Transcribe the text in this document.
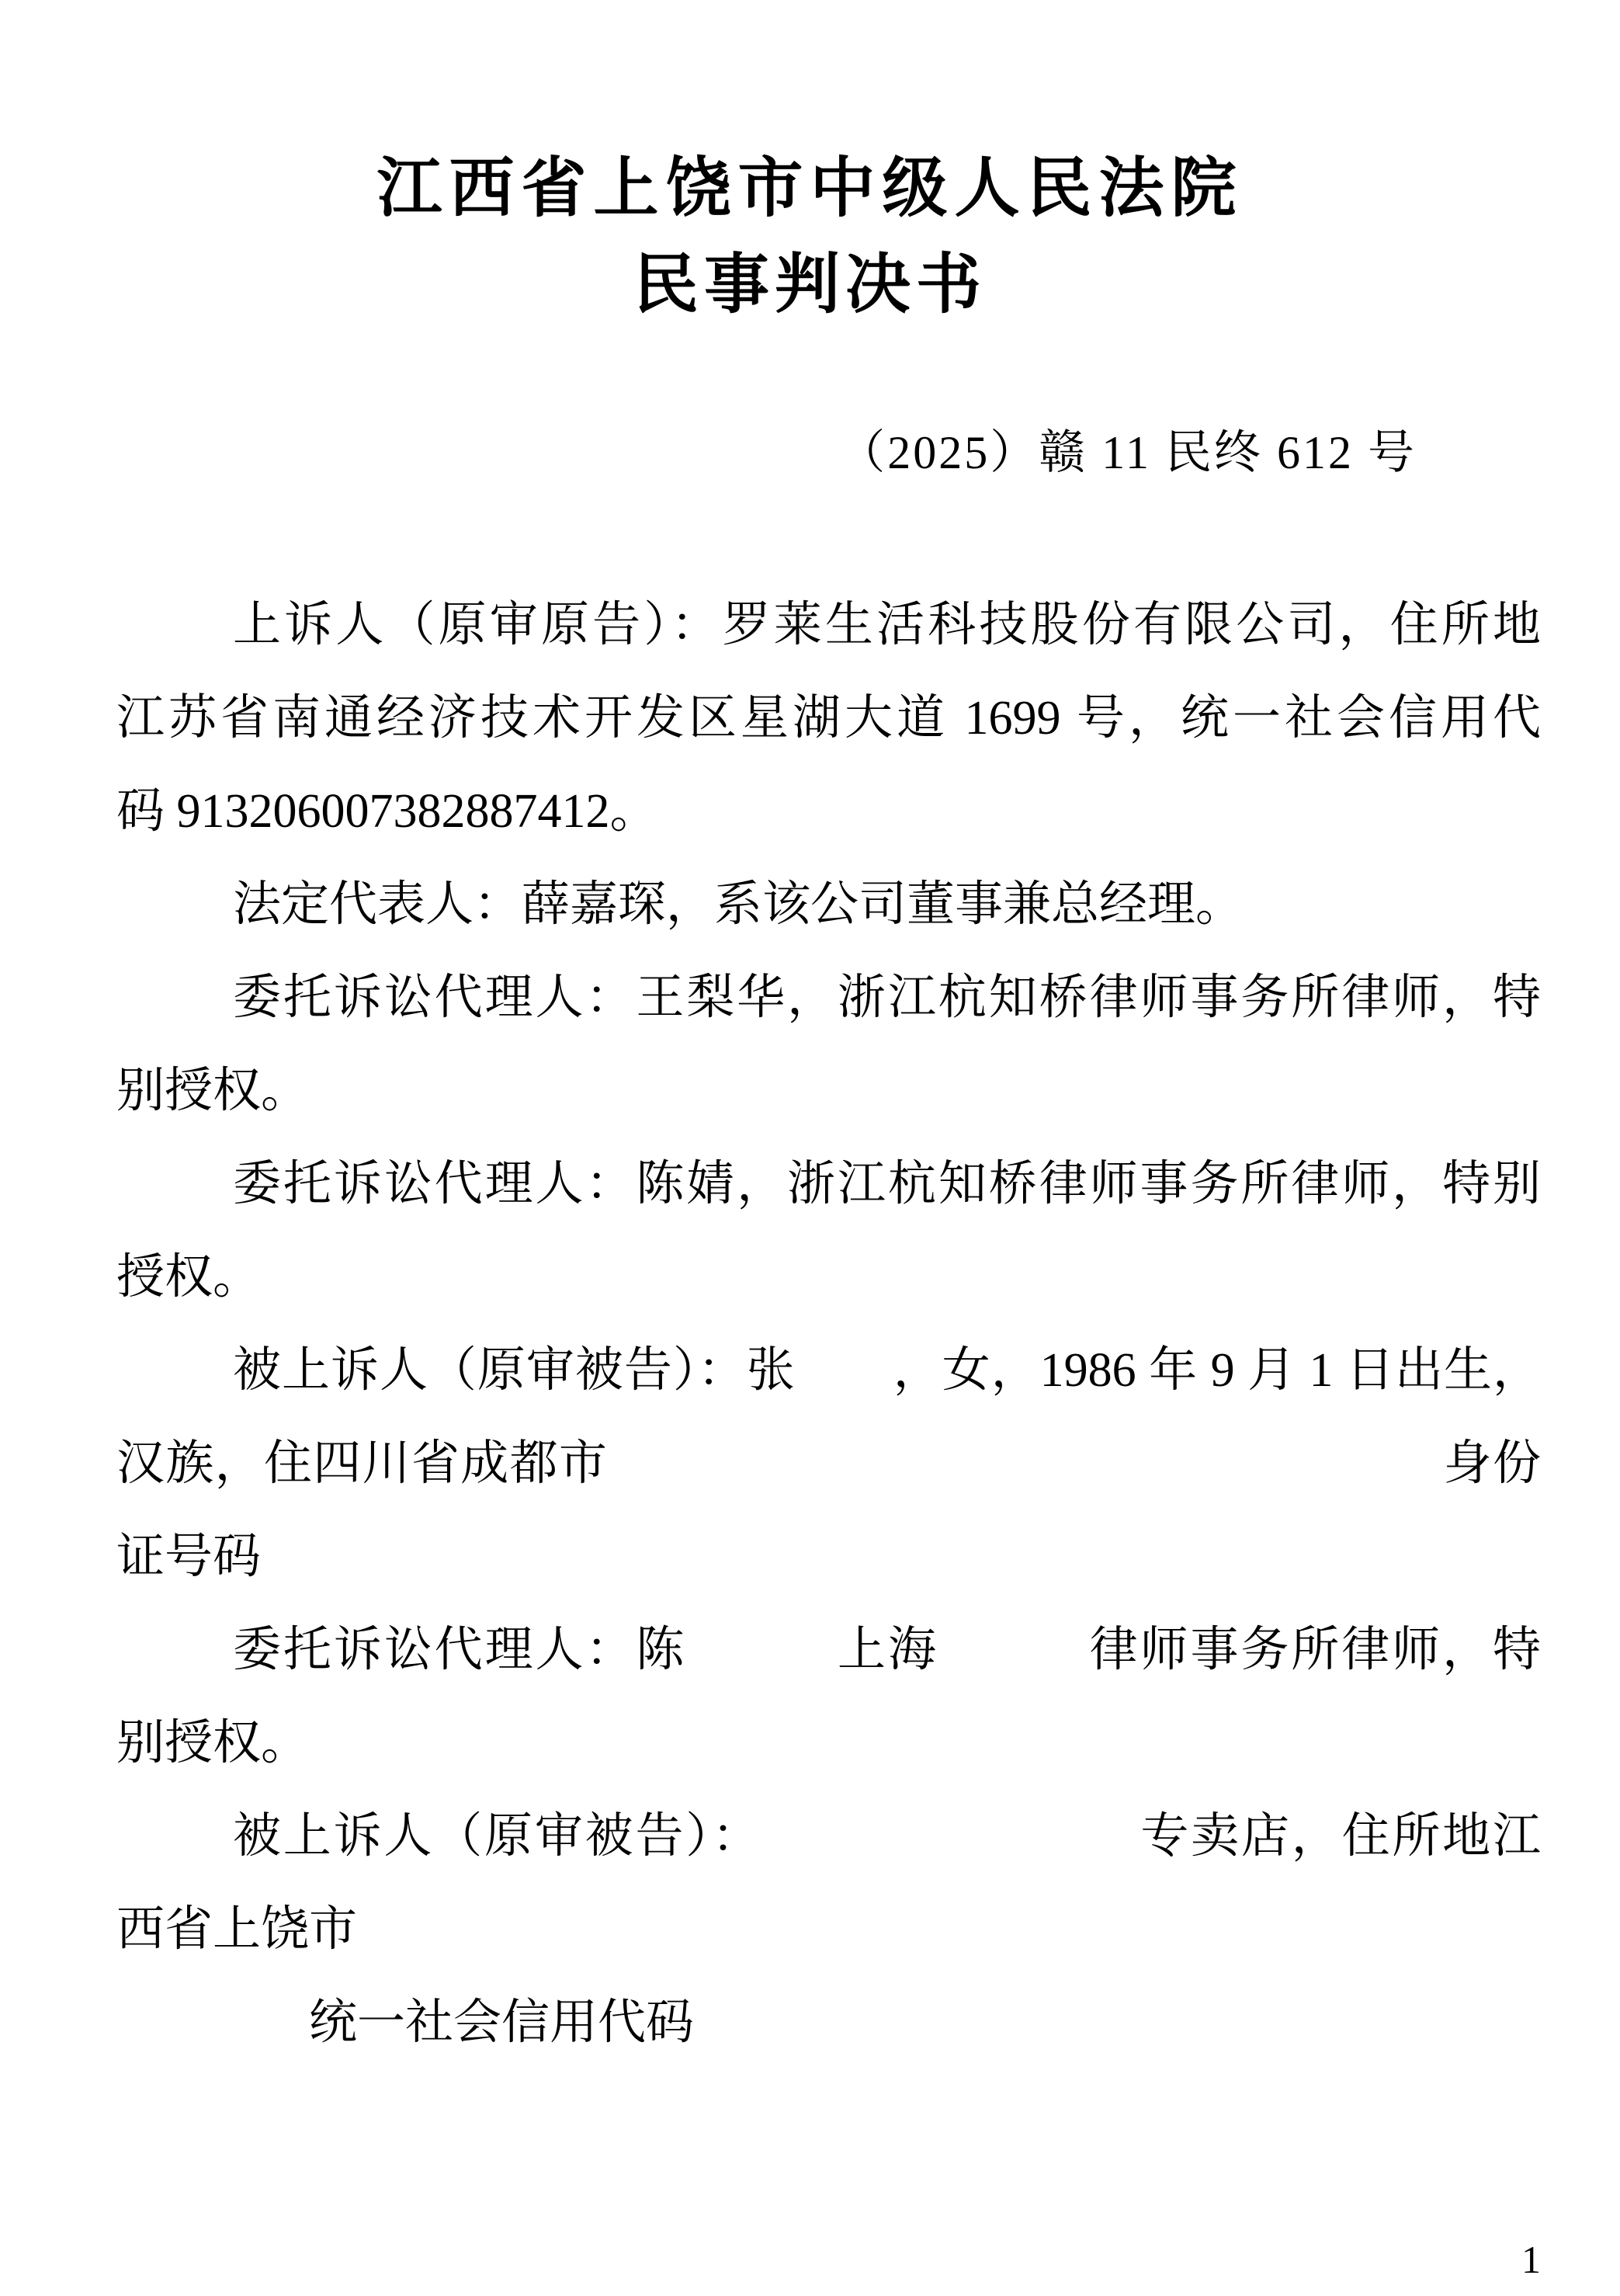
江西省上饶市中级人民法院
民事判决书
（2025）赣 11 民终 612 号
上诉人（原审原告）：罗莱生活科技股份有限公司，住所地
江苏省南通经济技术开发区星湖大道 1699 号，统一社会信用代
码 913206007382887412。
法定代表人：薛嘉琛，系该公司董事兼总经理。
委托诉讼代理人：王梨华，浙江杭知桥律师事务所律师，特
别授权。
委托诉讼代理人：陈婧，浙江杭知桥律师事务所律师，特别
授权。
被上诉人（原审被告）：张　　，女，1986 年 9 月 1 日出生，
汉族，住四川省成都市　　　　　　　　　　　　　　　　　身份
证号码
委托诉讼代理人：陈　　　上海　　　律师事务所律师，特
别授权。
被上诉人（原审被告）：　　　　　　　　专卖店，住所地江
西省上饶市
　　　　统一社会信用代码
1
